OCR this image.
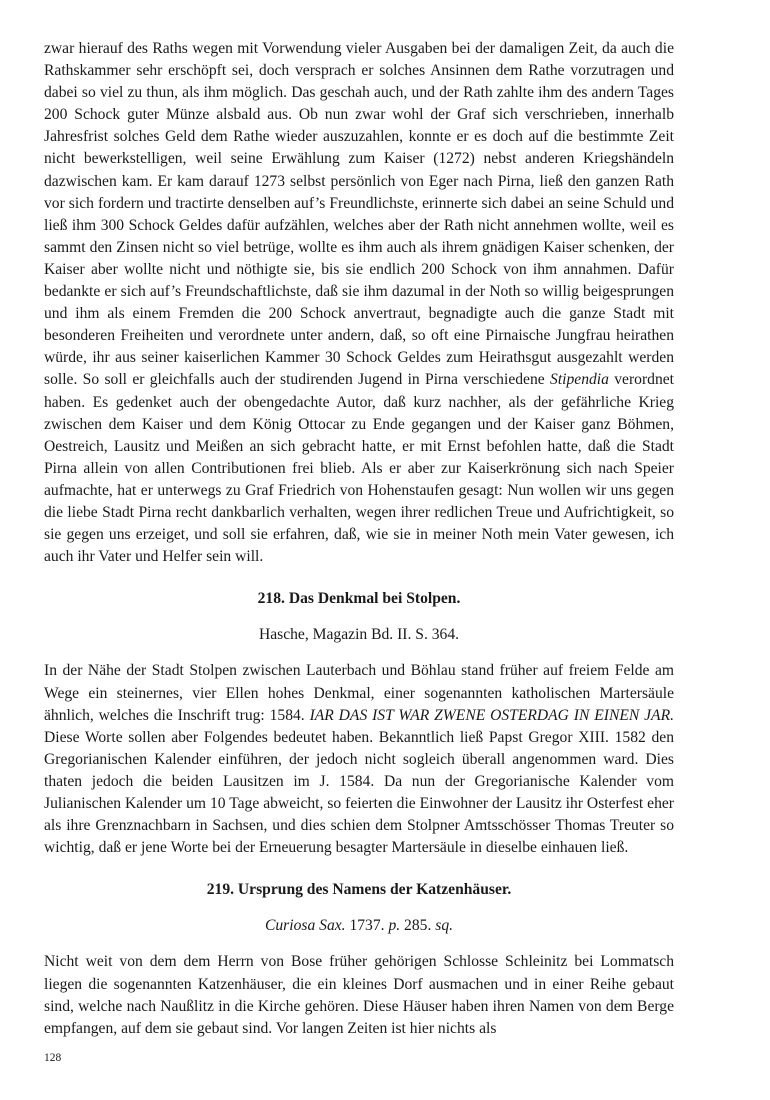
zwar hierauf des Raths wegen mit Vorwendung vieler Ausgaben bei der damaligen Zeit, da auch die Rathskammer sehr erschöpft sei, doch versprach er solches Ansinnen dem Rathe vorzutragen und dabei so viel zu thun, als ihm möglich. Das geschah auch, und der Rath zahlte ihm des andern Tages 200 Schock guter Münze alsbald aus. Ob nun zwar wohl der Graf sich verschrieben, innerhalb Jahresfrist solches Geld dem Rathe wieder auszuzahlen, konnte er es doch auf die bestimmte Zeit nicht bewerkstelligen, weil seine Erwählung zum Kaiser (1272) nebst anderen Kriegshändeln dazwischen kam. Er kam darauf 1273 selbst persönlich von Eger nach Pirna, ließ den ganzen Rath vor sich fordern und tractirte denselben auf’s Freundlichste, erinnerte sich dabei an seine Schuld und ließ ihm 300 Schock Geldes dafür aufzählen, welches aber der Rath nicht annehmen wollte, weil es sammt den Zinsen nicht so viel betrüge, wollte es ihm auch als ihrem gnädigen Kaiser schenken, der Kaiser aber wollte nicht und nöthigte sie, bis sie endlich 200 Schock von ihm annahmen. Dafür bedankte er sich auf’s Freundschaftlichste, daß sie ihm dazumal in der Noth so willig beigesprungen und ihm als einem Fremden die 200 Schock anvertraut, begnadigte auch die ganze Stadt mit besonderen Freiheiten und verordnete unter andern, daß, so oft eine Pirnaische Jungfrau heirathen würde, ihr aus seiner kaiserlichen Kammer 30 Schock Geldes zum Heirathsgut ausgezahlt werden solle. So soll er gleichfalls auch der studirenden Jugend in Pirna verschiedene Stipendia verordnet haben. Es gedenket auch der obengedachte Autor, daß kurz nachher, als der gefährliche Krieg zwischen dem Kaiser und dem König Ottocar zu Ende gegangen und der Kaiser ganz Böhmen, Oestreich, Lausitz und Meißen an sich gebracht hatte, er mit Ernst befohlen hatte, daß die Stadt Pirna allein von allen Contributionen frei blieb. Als er aber zur Kaiserkrönung sich nach Speier aufmachte, hat er unterwegs zu Graf Friedrich von Hohenstaufen gesagt: Nun wollen wir uns gegen die liebe Stadt Pirna recht dankbarlich verhalten, wegen ihrer redlichen Treue und Aufrichtigkeit, so sie gegen uns erzeiget, und soll sie erfahren, daß, wie sie in meiner Noth mein Vater gewesen, ich auch ihr Vater und Helfer sein will.

218. Das Denkmal bei Stolpen.
Hasche, Magazin Bd. II. S. 364.

In der Nähe der Stadt Stolpen zwischen Lauterbach und Böhlau stand früher auf freiem Felde am Wege ein steinernes, vier Ellen hohes Denkmal, einer sogenannten katholischen Martersäule ähnlich, welches die Inschrift trug: 1584. IAR DAS IST WAR ZWENE OSTERDAG IN EINEN JAR. Diese Worte sollen aber Folgendes bedeutet haben. Bekanntlich ließ Papst Gregor XIII. 1582 den Gregorianischen Kalender einführen, der jedoch nicht sogleich überall angenommen ward. Dies thaten jedoch die beiden Lausitzen im J. 1584. Da nun der Gregorianische Kalender vom Julianischen Kalender um 10 Tage abweicht, so feierten die Einwohner der Lausitz ihr Osterfest eher als ihre Grenznachbarn in Sachsen, und dies schien dem Stolpner Amtsschösser Thomas Treuter so wichtig, daß er jene Worte bei der Erneuerung besagter Martersäule in dieselbe einhauen ließ.

219. Ursprung des Namens der Katzenhäuser.
Curiosa Sax. 1737. p. 285. sq.

Nicht weit von dem dem Herrn von Bose früher gehörigen Schlosse Schleinitz bei Lommatsch liegen die sogenannten Katzenhäuser, die ein kleines Dorf ausmachen und in einer Reihe gebaut sind, welche nach Naußlitz in die Kirche gehören. Diese Häuser haben ihren Namen von dem Berge empfangen, auf dem sie gebaut sind. Vor langen Zeiten ist hier nichts als

128
